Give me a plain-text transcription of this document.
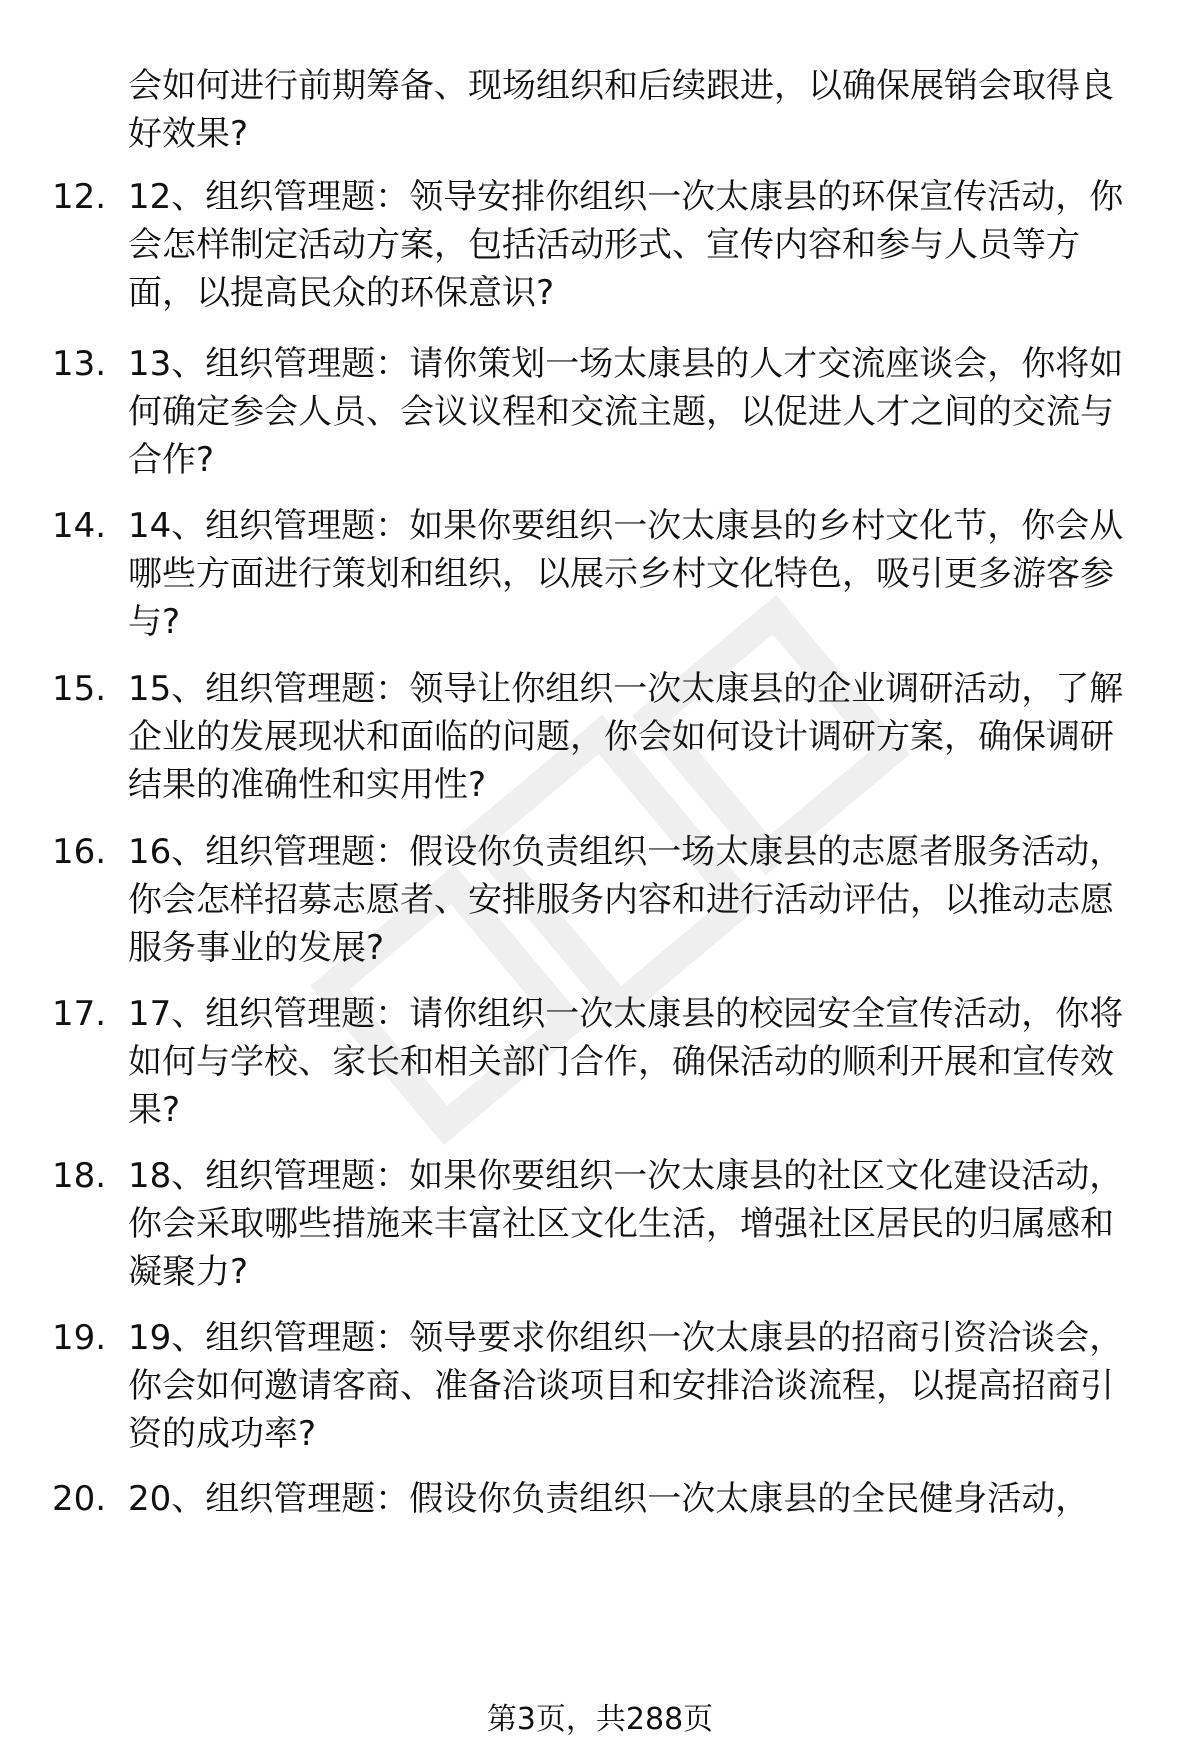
会如何进行前期筹备、现场组织和后续跟进，以确保展销会取得良好效果?

12. 12、组织管理题：领导安排你组织一次太康县的环保宣传活动，你会怎样制定活动方案，包括活动形式、宣传内容和参与人员等方面，以提高民众的环保意识?

13. 13、组织管理题：请你策划一场太康县的人才交流座谈会，你将如何确定参会人员、会议议程和交流主题，以促进人才之间的交流与合作?

14. 14、组织管理题：如果你要组织一次太康县的乡村文化节，你会从哪些方面进行策划和组织，以展示乡村文化特色，吸引更多游客参与?

15. 15、组织管理题：领导让你组织一次太康县的企业调研活动，了解企业的发展现状和面临的问题，你会如何设计调研方案，确保调研结果的准确性和实用性?

16. 16、组织管理题：假设你负责组织一场太康县的志愿者服务活动，你会怎样招募志愿者、安排服务内容和进行活动评估，以推动志愿服务事业的发展?

17. 17、组织管理题：请你组织一次太康县的校园安全宣传活动，你将如何与学校、家长和相关部门合作，确保活动的顺利开展和宣传效果?

18. 18、组织管理题：如果你要组织一次太康县的社区文化建设活动，你会采取哪些措施来丰富社区文化生活，增强社区居民的归属感和凝聚力?

19. 19、组织管理题：领导要求你组织一次太康县的招商引资洽谈会，你会如何邀请客商、准备洽谈项目和安排洽谈流程，以提高招商引资的成功率?

20. 20、组织管理题：假设你负责组织一次太康县的全民健身活动，

第3页，共288页
